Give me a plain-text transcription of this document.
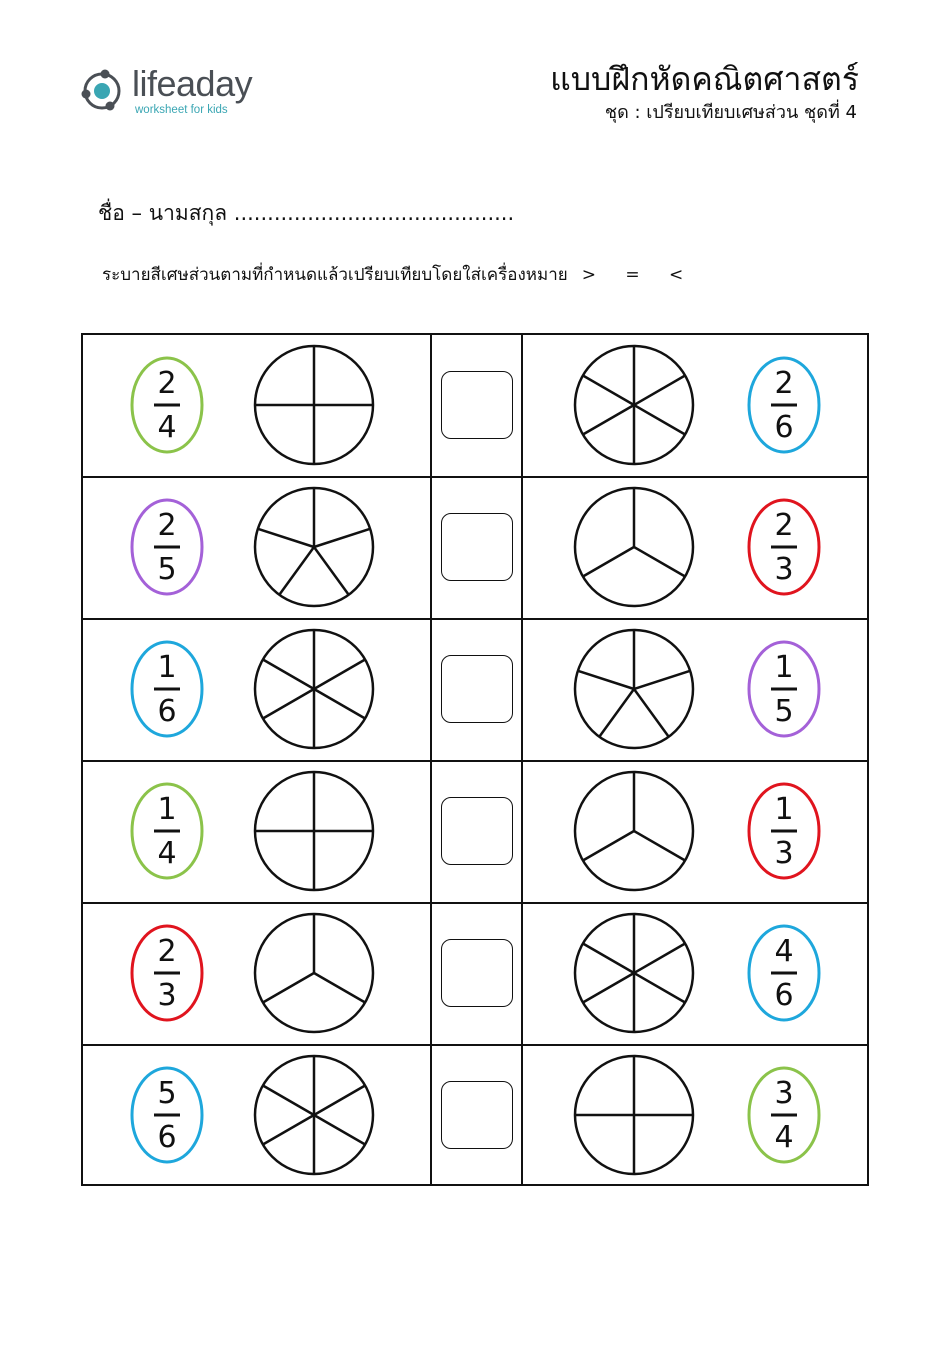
lifeaday
worksheet for kids
แบบฝึกหัดคณิตศาสตร์
ชุด : เปรียบเทียบเศษส่วน ชุดที่ 4
ชื่อ – นามสกุล ..........................................
ระบายสีเศษส่วนตามที่กำหนดแล้วเปรียบเทียบโดยใส่เครื่องหมาย > = <
2
4
2
6
2
5
2
3
1
6
1
5
1
4
1
3
2
3
4
6
5
6
3
4
